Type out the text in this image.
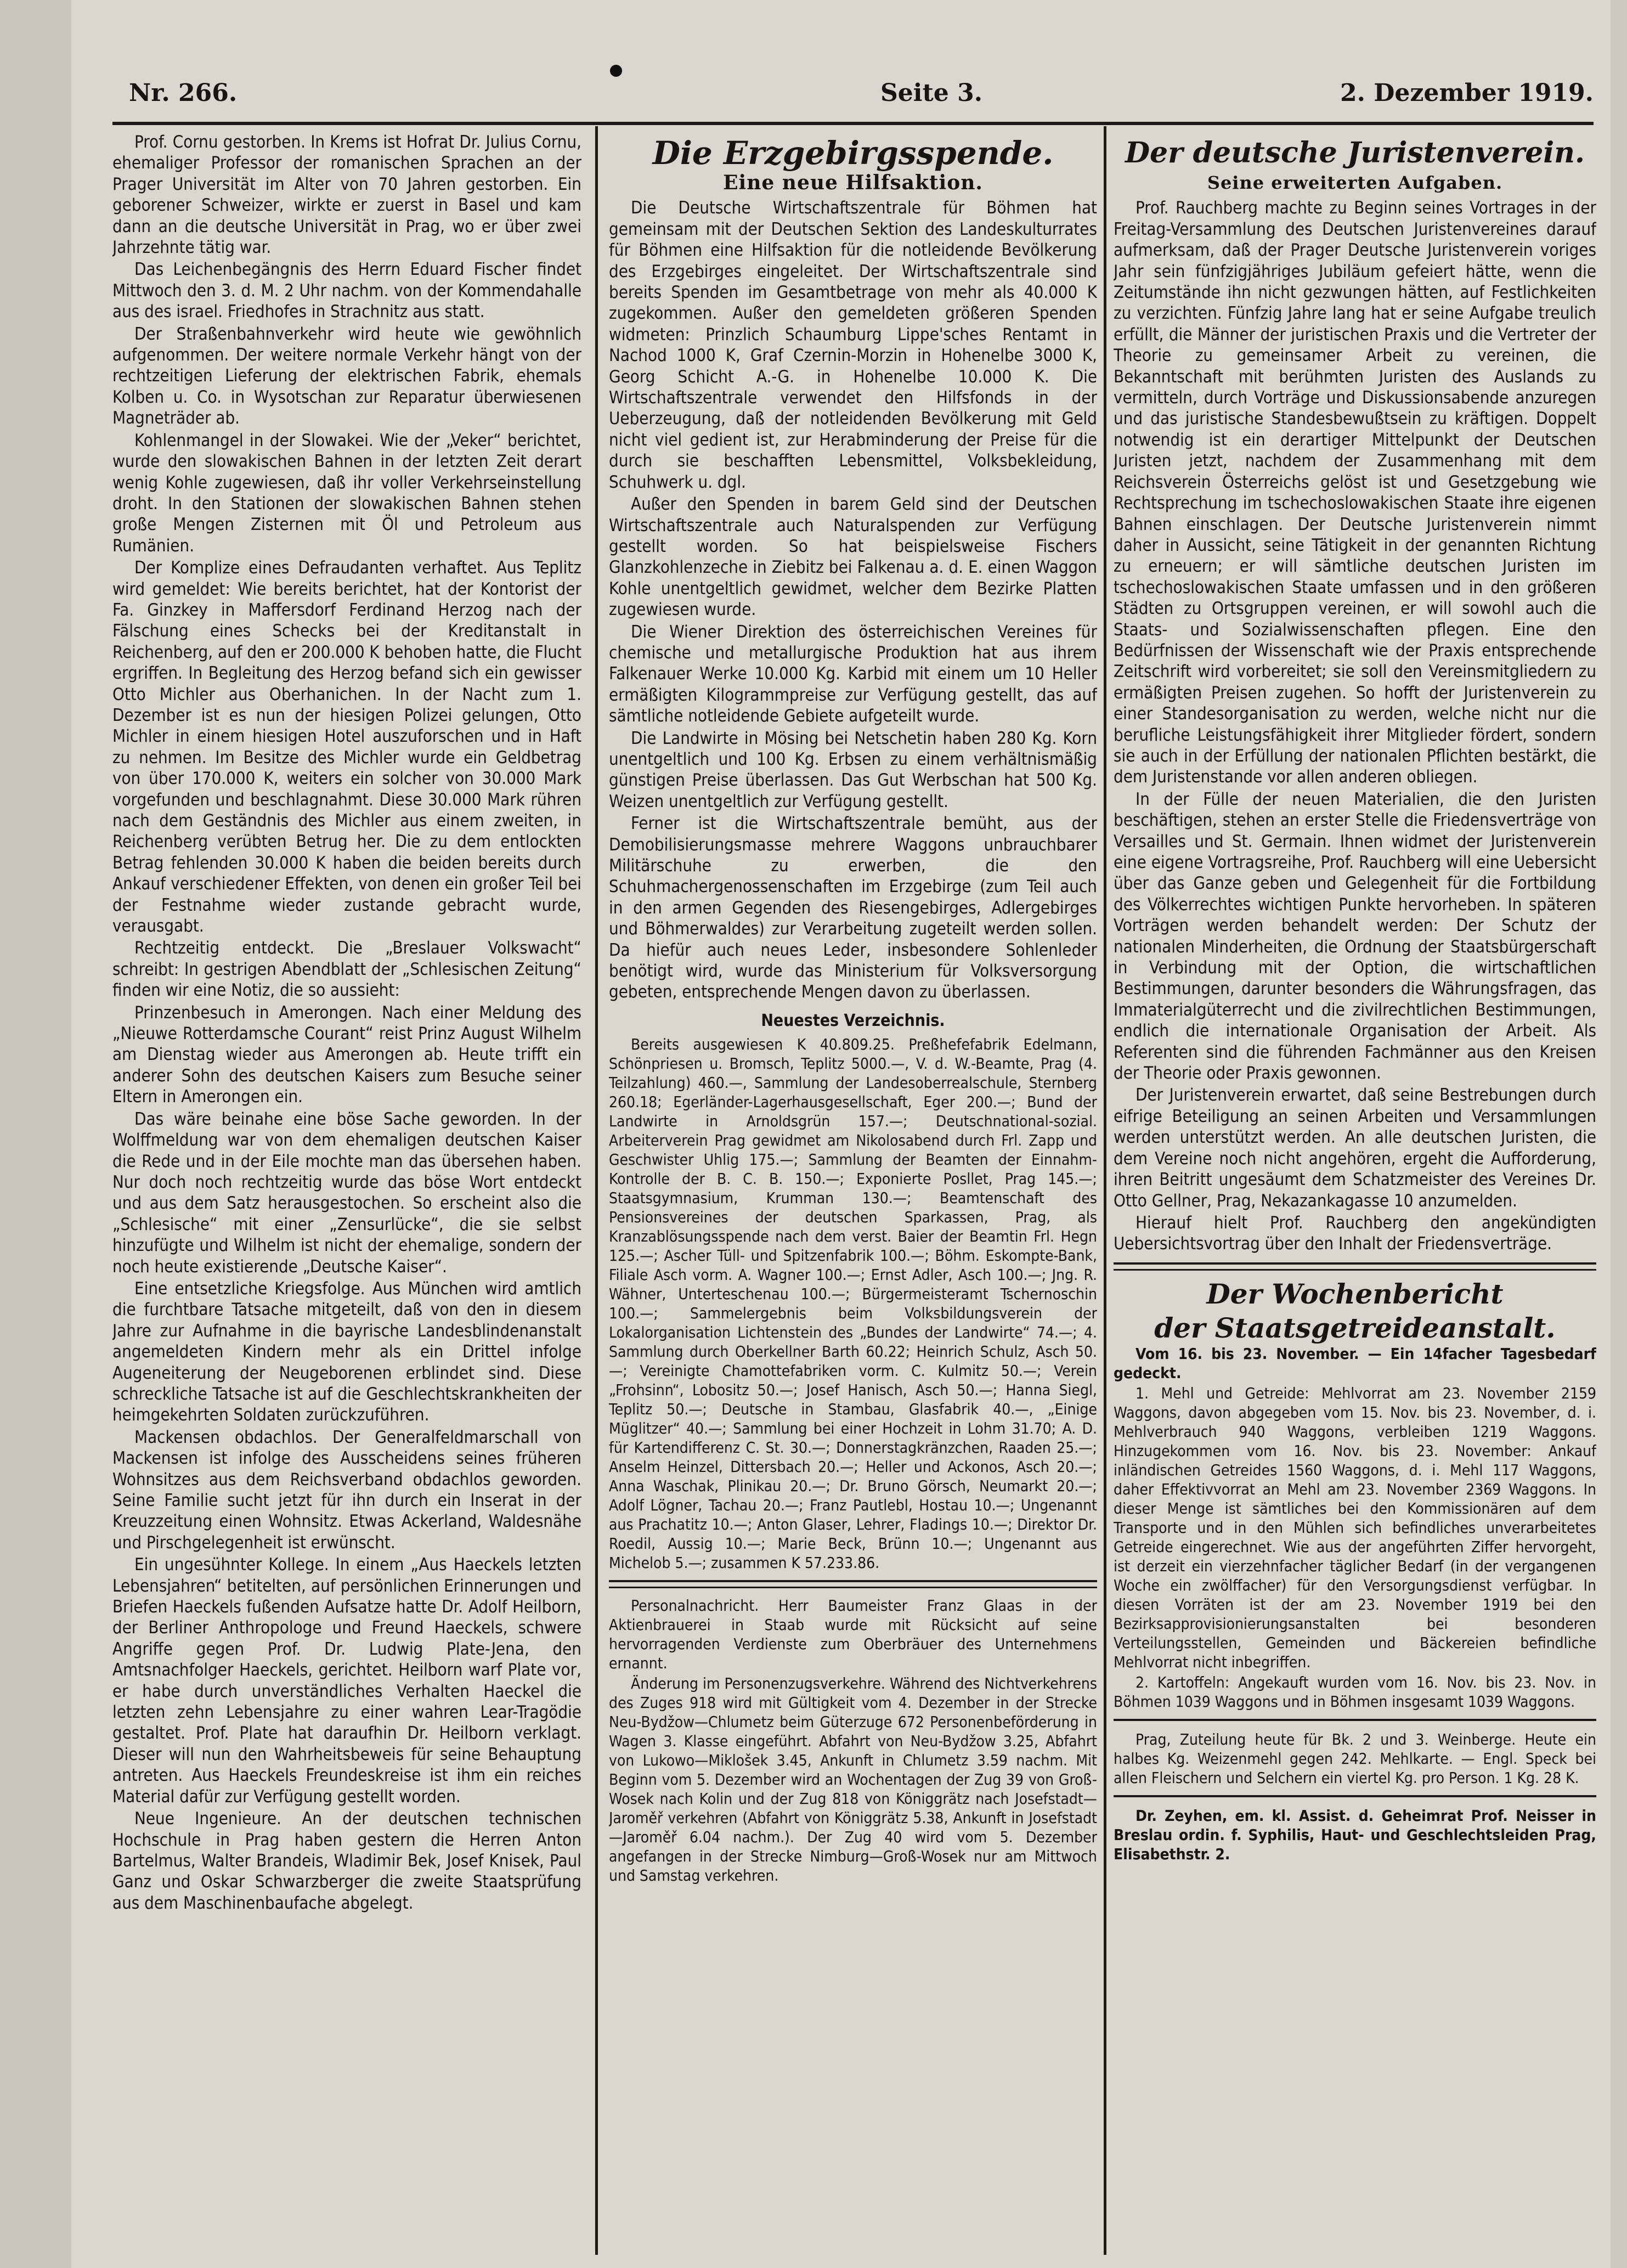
Nr. 266.	Seite 3.	2. Dezember 1919.

Prof. Cornu gestorben. In Krems ist Hofrat Dr. Julius Cornu, ehemaliger Professor der romanischen Sprachen an der Prager Universität im Alter von 70 Jahren gestorben. Ein geborener Schweizer, wirkte er zuerst in Basel und kam dann an die deutsche Universität in Prag, wo er über zwei Jahrzehnte tätig war.

Das Leichenbegängnis des Herrn Eduard Fischer findet Mittwoch den 3. d. M. 2 Uhr nachm. von der Kommendahalle aus des israel. Friedhofes in Strachnitz aus statt.

Der Straßenbahnverkehr wird heute wie gewöhnlich aufgenommen. Der weitere normale Verkehr hängt von der rechtzeitigen Lieferung der elektrischen Fabrik, ehemals Kolben u. Co. in Wysotschan zur Reparatur überwiesenen Magneträder ab.

Kohlenmangel in der Slowakei. Wie der „Veker“ berichtet, wurde den slowakischen Bahnen in der letzten Zeit derart wenig Kohle zugewiesen, daß ihr voller Verkehrseinstellung droht. In den Stationen der slowakischen Bahnen stehen große Mengen Zisternen mit Öl und Petroleum aus Rumänien.

Der Komplize eines Defraudanten verhaftet. Aus Teplitz wird gemeldet: Wie bereits berichtet, hat der Kontorist der Fa. Ginzkey in Maffersdorf Ferdinand Herzog nach der Fälschung eines Schecks bei der Kreditanstalt in Reichenberg, auf den er 200.000 K behoben hatte, die Flucht ergriffen. In Begleitung des Herzog befand sich ein gewisser Otto Michler aus Oberhanichen. In der Nacht zum 1. Dezember ist es nun der hiesigen Polizei gelungen, Otto Michler in einem hiesigen Hotel auszuforschen und in Haft zu nehmen. Im Besitze des Michler wurde ein Geldbetrag von über 170.000 K, weiters ein solcher von 30.000 Mark vorgefunden und beschlagnahmt. Diese 30.000 Mark rühren nach dem Geständnis des Michler aus einem zweiten, in Reichenberg verübten Betrug her. Die zu dem entlockten Betrag fehlenden 30.000 K haben die beiden bereits durch Ankauf verschiedener Effekten, von denen ein großer Teil bei der Festnahme wieder zustande gebracht wurde, verausgabt.

Rechtzeitig entdeckt. Die „Breslauer Volkswacht“ schreibt: In gestrigen Abendblatt der „Schlesischen Zeitung“ finden wir eine Notiz, die so aussieht:

Prinzenbesuch in Amerongen. Nach einer Meldung des „Nieuwe Rotterdamsche Courant“ reist Prinz August Wilhelm am Dienstag wieder aus Amerongen ab. Heute trifft ein anderer Sohn des deutschen Kaisers zum Besuche seiner Eltern in Amerongen ein.

Das wäre beinahe eine böse Sache geworden. In der Wolffmeldung war von dem ehemaligen deutschen Kaiser die Rede und in der Eile mochte man das übersehen haben. Nur doch noch rechtzeitig wurde das böse Wort entdeckt und aus dem Satz herausgestochen. So erscheint also die „Schlesische“ mit einer „Zensurlücke“, die sie selbst hinzufügte und Wilhelm ist nicht der ehemalige, sondern der noch heute existierende „Deutsche Kaiser“.

Eine entsetzliche Kriegsfolge. Aus München wird amtlich die furchtbare Tatsache mitgeteilt, daß von den in diesem Jahre zur Aufnahme in die bayrische Landesblindenanstalt angemeldeten Kindern mehr als ein Drittel infolge Augeneiterung der Neugeborenen erblindet sind. Diese schreckliche Tatsache ist auf die Geschlechtskrankheiten der heimgekehrten Soldaten zurückzuführen.

Mackensen obdachlos. Der Generalfeldmarschall von Mackensen ist infolge des Ausscheidens seines früheren Wohnsitzes aus dem Reichsverband obdachlos geworden. Seine Familie sucht jetzt für ihn durch ein Inserat in der Kreuzzeitung einen Wohnsitz. Etwas Ackerland, Waldesnähe und Pirschgelegenheit ist erwünscht.

Ein ungesühnter Kollege. In einem „Aus Haeckels letzten Lebensjahren“ betitelten, auf persönlichen Erinnerungen und Briefen Haeckels fußenden Aufsatze hatte Dr. Adolf Heilborn, der Berliner Anthropologe und Freund Haeckels, schwere Angriffe gegen Prof. Dr. Ludwig Plate-Jena, den Amtsnachfolger Haeckels, gerichtet. Heilborn warf Plate vor, er habe durch unverständliches Verhalten Haeckel die letzten zehn Lebensjahre zu einer wahren Lear-Tragödie gestaltet. Prof. Plate hat daraufhin Dr. Heilborn verklagt. Dieser will nun den Wahrheitsbeweis für seine Behauptung antreten. Aus Haeckels Freundeskreise ist ihm ein reiches Material dafür zur Verfügung gestellt worden.

Neue Ingenieure. An der deutschen technischen Hochschule in Prag haben gestern die Herren Anton Bartelmus, Walter Brandeis, Wladimir Bek, Josef Knisek, Paul Ganz und Oskar Schwarzberger die zweite Staatsprüfung aus dem Maschinenbaufache abgelegt.

Die Erzgebirgsspende.
Eine neue Hilfsaktion.

Die Deutsche Wirtschaftszentrale für Böhmen hat gemeinsam mit der Deutschen Sektion des Landeskulturrates für Böhmen eine Hilfsaktion für die notleidende Bevölkerung des Erzgebirges eingeleitet. Der Wirtschaftszentrale sind bereits Spenden im Gesamtbetrage von mehr als 40.000 K zugekommen. Außer den gemeldeten größeren Spenden widmeten: Prinzlich Schaumburg Lippe'sches Rentamt in Nachod 1000 K, Graf Czernin-Morzin in Hohenelbe 3000 K, Georg Schicht A.-G. in Hohenelbe 10.000 K. Die Wirtschaftszentrale verwendet den Hilfsfonds in der Ueberzeugung, daß der notleidenden Bevölkerung mit Geld nicht viel gedient ist, zur Herabminderung der Preise für die durch sie beschafften Lebensmittel, Volksbekleidung, Schuhwerk u. dgl.

Außer den Spenden in barem Geld sind der Deutschen Wirtschaftszentrale auch Naturalspenden zur Verfügung gestellt worden. So hat beispielsweise Fischers Glanzkohlenzeche in Ziebitz bei Falkenau a. d. E. einen Waggon Kohle unentgeltlich gewidmet, welcher dem Bezirke Platten zugewiesen wurde.

Die Wiener Direktion des österreichischen Vereines für chemische und metallurgische Produktion hat aus ihrem Falkenauer Werke 10.000 Kg. Karbid mit einem um 10 Heller ermäßigten Kilogrammpreise zur Verfügung gestellt, das auf sämtliche notleidende Gebiete aufgeteilt wurde.

Die Landwirte in Mösing bei Netschetin haben 280 Kg. Korn unentgeltlich und 100 Kg. Erbsen zu einem verhältnismäßig günstigen Preise überlassen. Das Gut Werbschan hat 500 Kg. Weizen unentgeltlich zur Verfügung gestellt.

Ferner ist die Wirtschaftszentrale bemüht, aus der Demobilisierungsmasse mehrere Waggons unbrauchbarer Militärschuhe zu erwerben, die den Schuhmachergenossenschaften im Erzgebirge (zum Teil auch in den armen Gegenden des Riesengebirges, Adlergebirges und Böhmerwaldes) zur Verarbeitung zugeteilt werden sollen. Da hiefür auch neues Leder, insbesondere Sohlenleder benötigt wird, wurde das Ministerium für Volksversorgung gebeten, entsprechende Mengen davon zu überlassen.

Neuestes Verzeichnis.

Bereits ausgewiesen K 40.809.25. Preßhefefabrik Edelmann, Schönpriesen u. Bromsch, Teplitz 5000.—, V. d. W.-Beamte, Prag (4. Teilzahlung) 460.—, Sammlung der Landesoberrealschule, Sternberg 260.18; Egerländer-Lagerhausgesellschaft, Eger 200.—; Bund der Landwirte in Arnoldsgrün 157.—; Deutschnational-sozial. Arbeiterverein Prag gewidmet am Nikolosabend durch Frl. Zapp und Geschwister Uhlig 175.—; Sammlung der Beamten der Einnahm-Kontrolle der B. C. B. 150.—; Exponierte Posllet, Prag 145.—; Staatsgymnasium, Krumman 130.—; Beamtenschaft des Pensionsvereines der deutschen Sparkassen, Prag, als Kranzablösungsspende nach dem verst. Baier der Beamtin Frl. Hegn 125.—; Ascher Tüll- und Spitzenfabrik 100.—; Böhm. Eskompte-Bank, Filiale Asch vorm. A. Wagner 100.—; Ernst Adler, Asch 100.—; Jng. R. Wähner, Unterteschenau 100.—; Bürgermeisteramt Tschernoschin 100.—; Sammelergebnis beim Volksbildungsverein der Lokalorganisation Lichtenstein des „Bundes der Landwirte“ 74.—; 4. Sammlung durch Oberkellner Barth 60.22; Heinrich Schulz, Asch 50.—; Vereinigte Chamottefabriken vorm. C. Kulmitz 50.—; Verein „Frohsinn“, Lobositz 50.—; Josef Hanisch, Asch 50.—; Hanna Siegl, Teplitz 50.—; Deutsche in Stambau, Glasfabrik 40.—, „Einige Müglitzer“ 40.—; Sammlung bei einer Hochzeit in Lohm 31.70; A. D. für Kartendifferenz C. St. 30.—; Donnerstagkränzchen, Raaden 25.—; Anselm Heinzel, Dittersbach 20.—; Heller und Ackonos, Asch 20.—; Anna Waschak, Plinikau 20.—; Dr. Bruno Görsch, Neumarkt 20.—; Adolf Lögner, Tachau 20.—; Franz Pautlebl, Hostau 10.—; Ungenannt aus Prachatitz 10.—; Anton Glaser, Lehrer, Fladings 10.—; Direktor Dr. Roedil, Aussig 10.—; Marie Beck, Brünn 10.—; Ungenannt aus Michelob 5.—; zusammen K 57.233.86.

Personalnachricht. Herr Baumeister Franz Glaas in der Aktienbrauerei in Staab wurde mit Rücksicht auf seine hervorragenden Verdienste zum Oberbräuer des Unternehmens ernannt.

Änderung im Personenzugsverkehre. Während des Nichtverkehrens des Zuges 918 wird mit Gültigkeit vom 4. Dezember in der Strecke Neu-Bydžow—Chlumetz beim Güterzuge 672 Personenbeförderung in Wagen 3. Klasse eingeführt. Abfahrt von Neu-Bydžow 3.25, Abfahrt von Lukowo—Miklošek 3.45, Ankunft in Chlumetz 3.59 nachm. Mit Beginn vom 5. Dezember wird an Wochentagen der Zug 39 von Groß-Wosek nach Kolin und der Zug 818 von Königgrätz nach Josefstadt—Jaroměř verkehren (Abfahrt von Königgrätz 5.38, Ankunft in Josefstadt—Jaroměř 6.04 nachm.). Der Zug 40 wird vom 5. Dezember angefangen in der Strecke Nimburg—Groß-Wosek nur am Mittwoch und Samstag verkehren.

Der deutsche Juristenverein.
Seine erweiterten Aufgaben.

Prof. Rauchberg machte zu Beginn seines Vortrages in der Freitag-Versammlung des Deutschen Juristenvereines darauf aufmerksam, daß der Prager Deutsche Juristenverein voriges Jahr sein fünfzigjähriges Jubiläum gefeiert hätte, wenn die Zeitumstände ihn nicht gezwungen hätten, auf Festlichkeiten zu verzichten. Fünfzig Jahre lang hat er seine Aufgabe treulich erfüllt, die Männer der juristischen Praxis und die Vertreter der Theorie zu gemeinsamer Arbeit zu vereinen, die Bekanntschaft mit berühmten Juristen des Auslands zu vermitteln, durch Vorträge und Diskussionsabende anzuregen und das juristische Standesbewußtsein zu kräftigen. Doppelt notwendig ist ein derartiger Mittelpunkt der Deutschen Juristen jetzt, nachdem der Zusammenhang mit dem Reichsverein Österreichs gelöst ist und Gesetzgebung wie Rechtsprechung im tschechoslowakischen Staate ihre eigenen Bahnen einschlagen. Der Deutsche Juristenverein nimmt daher in Aussicht, seine Tätigkeit in der genannten Richtung zu erneuern; er will sämtliche deutschen Juristen im tschechoslowakischen Staate umfassen und in den größeren Städten zu Ortsgruppen vereinen, er will sowohl auch die Staats- und Sozialwissenschaften pflegen. Eine den Bedürfnissen der Wissenschaft wie der Praxis entsprechende Zeitschrift wird vorbereitet; sie soll den Vereinsmitgliedern zu ermäßigten Preisen zugehen. So hofft der Juristenverein zu einer Standesorganisation zu werden, welche nicht nur die berufliche Leistungsfähigkeit ihrer Mitglieder fördert, sondern sie auch in der Erfüllung der nationalen Pflichten bestärkt, die dem Juristenstande vor allen anderen obliegen.

In der Fülle der neuen Materialien, die den Juristen beschäftigen, stehen an erster Stelle die Friedensverträge von Versailles und St. Germain. Ihnen widmet der Juristenverein eine eigene Vortragsreihe, Prof. Rauchberg will eine Uebersicht über das Ganze geben und Gelegenheit für die Fortbildung des Völkerrechtes wichtigen Punkte hervorheben. In späteren Vorträgen werden behandelt werden: Der Schutz der nationalen Minderheiten, die Ordnung der Staatsbürgerschaft in Verbindung mit der Option, die wirtschaftlichen Bestimmungen, darunter besonders die Währungsfragen, das Immaterialgüterrecht und die zivilrechtlichen Bestimmungen, endlich die internationale Organisation der Arbeit. Als Referenten sind die führenden Fachmänner aus den Kreisen der Theorie oder Praxis gewonnen.

Der Juristenverein erwartet, daß seine Bestrebungen durch eifrige Beteiligung an seinen Arbeiten und Versammlungen werden unterstützt werden. An alle deutschen Juristen, die dem Vereine noch nicht angehören, ergeht die Aufforderung, ihren Beitritt ungesäumt dem Schatzmeister des Vereines Dr. Otto Gellner, Prag, Nekazankagasse 10 anzumelden.

Hierauf hielt Prof. Rauchberg den angekündigten Uebersichtsvortrag über den Inhalt der Friedensverträge.

Der Wochenbericht
der Staatsgetreideanstalt.

Vom 16. bis 23. November. — Ein 14facher Tagesbedarf gedeckt.

1. Mehl und Getreide: Mehlvorrat am 23. November 2159 Waggons, davon abgegeben vom 15. Nov. bis 23. November, d. i. Mehlverbrauch 940 Waggons, verbleiben 1219 Waggons. Hinzugekommen vom 16. Nov. bis 23. November: Ankauf inländischen Getreides 1560 Waggons, d. i. Mehl 117 Waggons, daher Effektivvorrat an Mehl am 23. November 2369 Waggons. In dieser Menge ist sämtliches bei den Kommissionären auf dem Transporte und in den Mühlen sich befindliches unverarbeitetes Getreide eingerechnet. Wie aus der angeführten Ziffer hervorgeht, ist derzeit ein vierzehnfacher täglicher Bedarf (in der vergangenen Woche ein zwölffacher) für den Versorgungsdienst verfügbar. In diesen Vorräten ist der am 23. November 1919 bei den Bezirksapprovisionierungsanstalten bei besonderen Verteilungsstellen, Gemeinden und Bäckereien befindliche Mehlvorrat nicht inbegriffen.

2. Kartoffeln: Angekauft wurden vom 16. Nov. bis 23. Nov. in Böhmen 1039 Waggons und in Böhmen insgesamt 1039 Waggons.

Prag, Zuteilung heute für Bk. 2 und 3. Weinberge. Heute ein halbes Kg. Weizenmehl gegen 242. Mehlkarte. — Engl. Speck bei allen Fleischern und Selchern ein viertel Kg. pro Person. 1 Kg. 28 K.

Dr. Zeyhen, em. kl. Assist. d. Geheimrat Prof. Neisser in Breslau ordin. f. Syphilis, Haut- und Geschlechtsleiden Prag, Elisabethstr. 2.
